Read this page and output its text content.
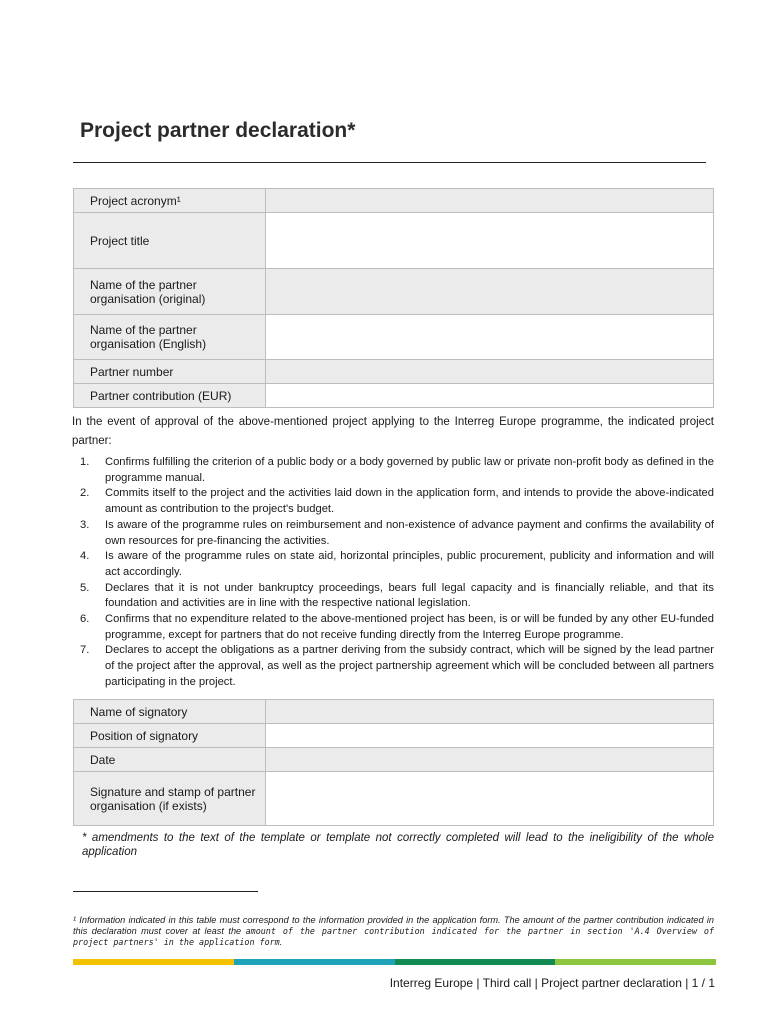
Project partner declaration*
Project acronym¹	
Project title	
Name of the partner organisation (original)	
Name of the partner organisation (English)	
Partner number	
Partner contribution (EUR)	

In the event of approval of the above-mentioned project applying to the Interreg Europe programme, the indicated project partner:

1. Confirms fulfilling the criterion of a public body or a body governed by public law or private non-profit body as defined in the programme manual.
2. Commits itself to the project and the activities laid down in the application form, and intends to provide the above-indicated amount as contribution to the project's budget.
3. Is aware of the programme rules on reimbursement and non-existence of advance payment and confirms the availability of own resources for pre-financing the activities.
4. Is aware of the programme rules on state aid, horizontal principles, public procurement, publicity and information and will act accordingly.
5. Declares that it is not under bankruptcy proceedings, bears full legal capacity and is financially reliable, and that its foundation and activities are in line with the respective national legislation.
6. Confirms that no expenditure related to the above-mentioned project has been, is or will be funded by any other EU-funded programme, except for partners that do not receive funding directly from the Interreg Europe programme.
7. Declares to accept the obligations as a partner deriving from the subsidy contract, which will be signed by the lead partner of the project after the approval, as well as the project partnership agreement which will be concluded between all partners participating in the project.
Name of signatory	
Position of signatory	
Date	
Signature and stamp of partner organisation (if exists)	

* amendments to the text of the template or template not correctly completed will lead to the ineligibility of the whole application

¹ Information indicated in this table must correspond to the information provided in the application form. The amount of the partner contribution indicated in this declaration must cover at least the amount of the partner contribution indicated for the partner in section 'A.4 Overview of project partners' in the application form.

Interreg Europe | Third call | Project partner declaration | 1 / 1
